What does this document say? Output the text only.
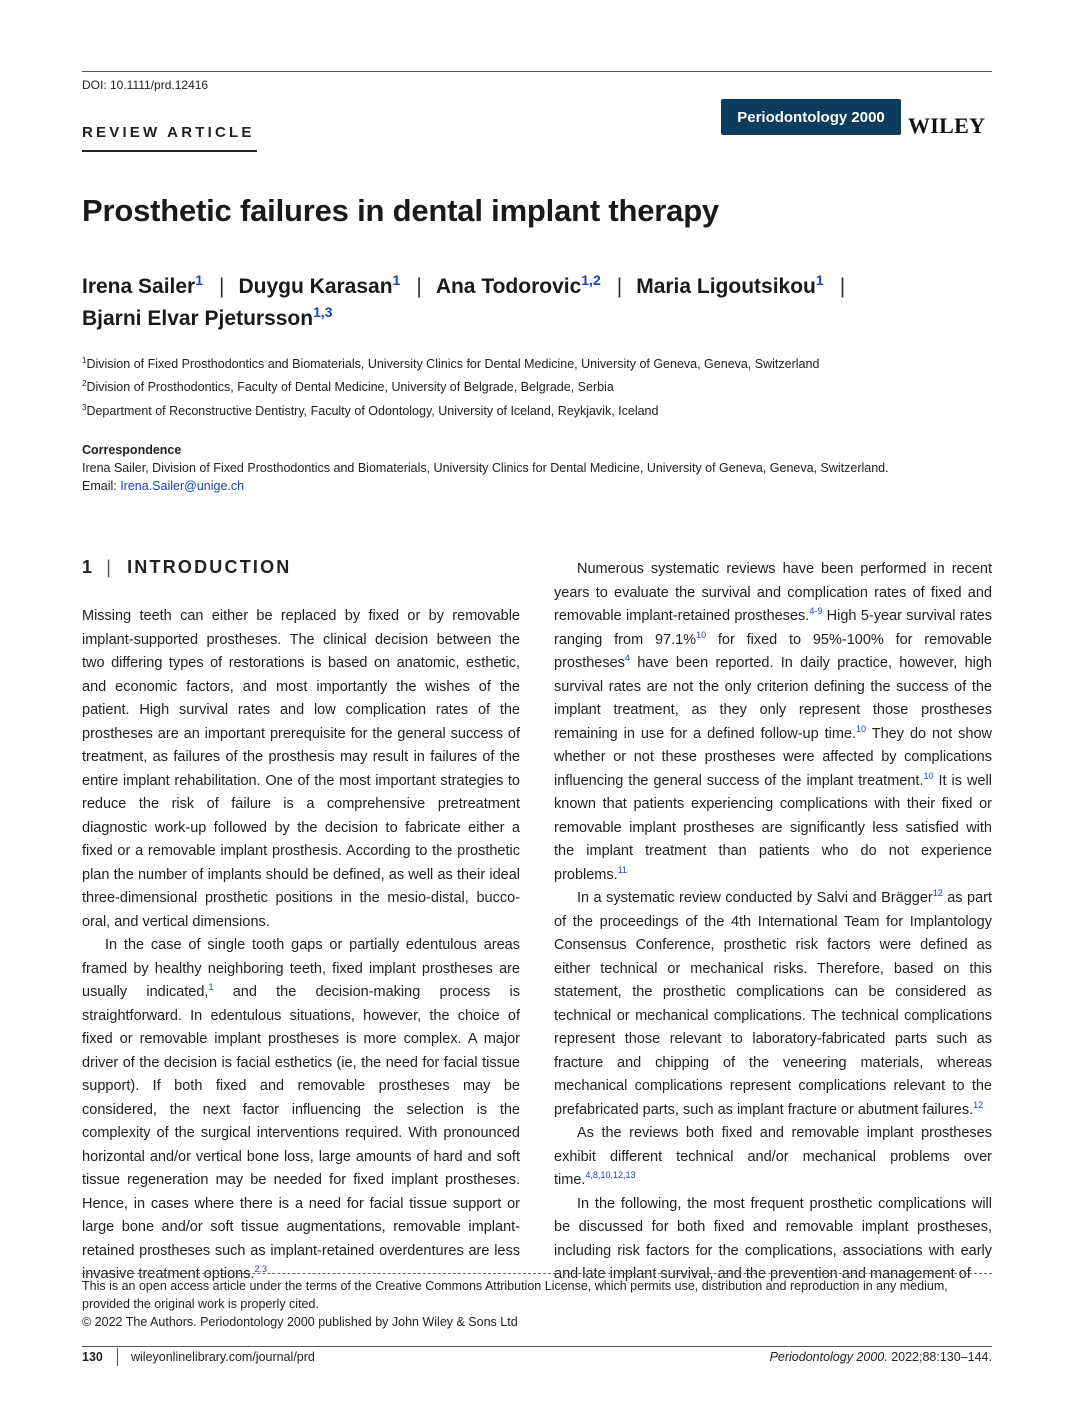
DOI: 10.1111/prd.12416
REVIEW ARTICLE
Periodontology 2000	WILEY
Prosthetic failures in dental implant therapy
Irena Sailer$^1$ | Duygu Karasan$^1$ | Ana Todorovic$^{1,2}$ | Maria Ligoutsikou$^1$ |
Bjarni Elvar Pjetursson$^{1,3}$
$^1$Division of Fixed Prosthodontics and Biomaterials, University Clinics for Dental Medicine, University of Geneva, Geneva, Switzerland
$^2$Division of Prosthodontics, Faculty of Dental Medicine, University of Belgrade, Belgrade, Serbia
$^3$Department of Reconstructive Dentistry, Faculty of Odontology, University of Iceland, Reykjavik, Iceland
Correspondence
Irena Sailer, Division of Fixed Prosthodontics and Biomaterials, University Clinics for Dental Medicine, University of Geneva, Geneva, Switzerland.
Email: Irena.Sailer@unige.ch
1 | INTRODUCTION

Missing teeth can either be replaced by fixed or by removable implant-supported prostheses. The clinical decision between the two differing types of restorations is based on anatomic, esthetic, and economic factors, and most importantly the wishes of the patient. High survival rates and low complication rates of the prostheses are an important prerequisite for the general success of treatment, as failures of the prosthesis may result in failures of the entire implant rehabilitation. One of the most important strategies to reduce the risk of failure is a comprehensive pretreatment diagnostic work-up followed by the decision to fabricate either a fixed or a removable implant prosthesis. According to the prosthetic plan the number of implants should be defined, as well as their ideal three-dimensional prosthetic positions in the mesio-distal, bucco-oral, and vertical dimensions.

In the case of single tooth gaps or partially edentulous areas framed by healthy neighboring teeth, fixed implant prostheses are usually indicated,$^1$ and the decision-making process is straightforward. In edentulous situations, however, the choice of fixed or removable implant prostheses is more complex. A major driver of the decision is facial esthetics (ie, the need for facial tissue support). If both fixed and removable prostheses may be considered, the next factor influencing the selection is the complexity of the surgical interventions required. With pronounced horizontal and/or vertical bone loss, large amounts of hard and soft tissue regeneration may be needed for fixed implant prostheses. Hence, in cases where there is a need for facial tissue support or large bone and/or soft tissue augmentations, removable implant-retained prostheses such as implant-retained overdentures are less invasive treatment options.$^{2,3}$

Numerous systematic reviews have been performed in recent years to evaluate the survival and complication rates of fixed and removable implant-retained prostheses.$^{4-9}$ High 5-year survival rates ranging from 97.1%$^{10}$ for fixed to 95%-100% for removable prostheses$^4$ have been reported. In daily practice, however, high survival rates are not the only criterion defining the success of the implant treatment, as they only represent those prostheses remaining in use for a defined follow-up time.$^{10}$ They do not show whether or not these prostheses were affected by complications influencing the general success of the implant treatment.$^{10}$ It is well known that patients experiencing complications with their fixed or removable implant prostheses are significantly less satisfied with the implant treatment than patients who do not experience problems.$^{11}$

In a systematic review conducted by Salvi and Brägger$^{12}$ as part of the proceedings of the 4th International Team for Implantology Consensus Conference, prosthetic risk factors were defined as either technical or mechanical risks. Therefore, based on this statement, the prosthetic complications can be considered as technical or mechanical complications. The technical complications represent those relevant to laboratory-fabricated parts such as fracture and chipping of the veneering materials, whereas mechanical complications represent complications relevant to the prefabricated parts, such as implant fracture or abutment failures.$^{12}$

As the reviews both fixed and removable implant prostheses exhibit different technical and/or mechanical problems over time.$^{4,8,10,12,13}$

In the following, the most frequent prosthetic complications will be discussed for both fixed and removable implant prostheses, including risk factors for the complications, associations with early and late implant survival, and the prevention and management of

This is an open access article under the terms of the Creative Commons Attribution License, which permits use, distribution and reproduction in any medium, provided the original work is properly cited.

© 2022 The Authors. Periodontology 2000 published by John Wiley & Sons Ltd

130 wileyonlinelibrary.com/journal/prd	Periodontology 2000. 2022;88:130–144.
